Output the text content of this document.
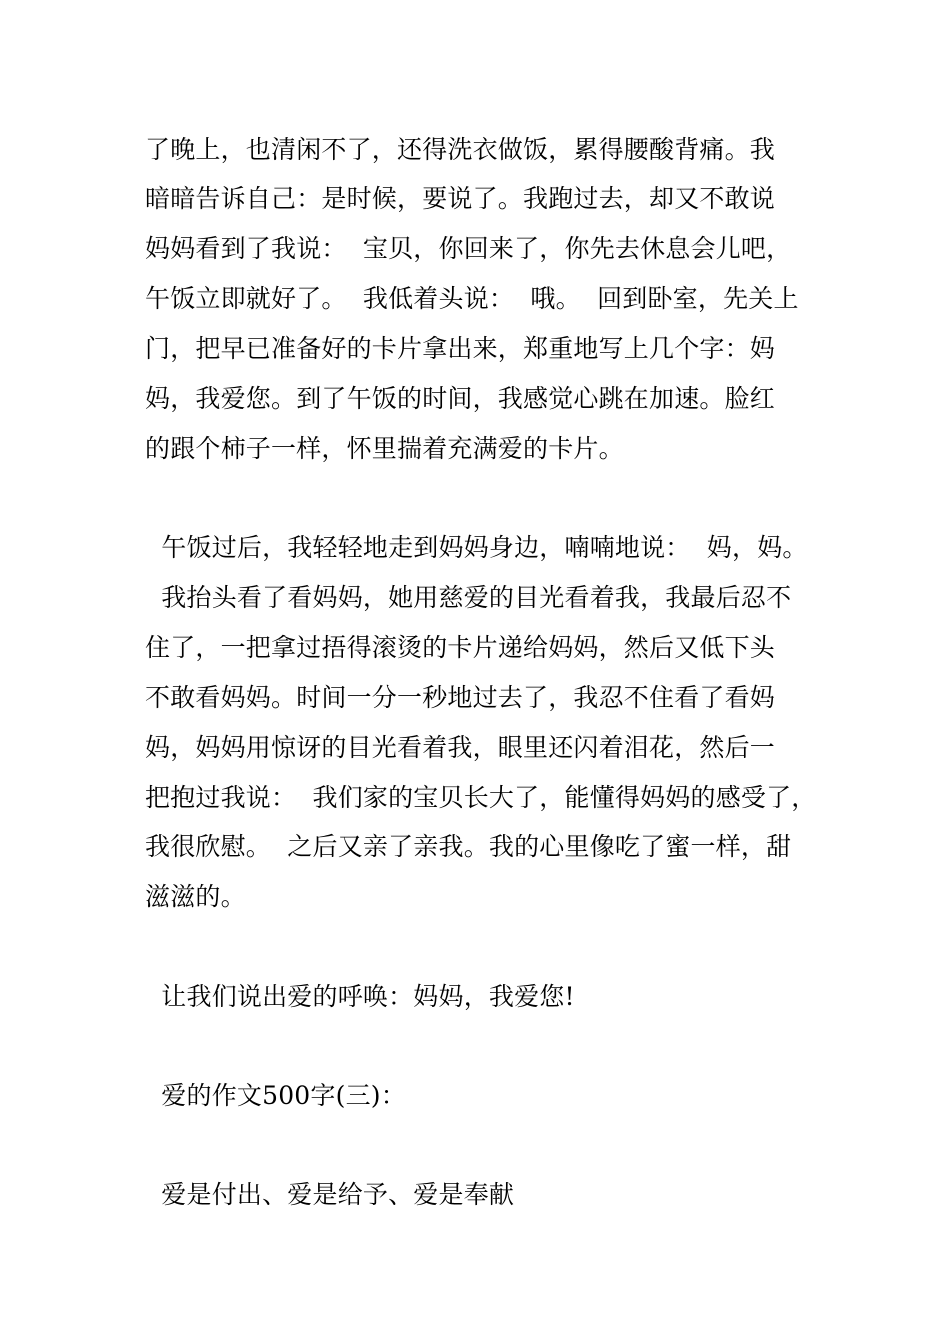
了晚上，也清闲不了，还得洗衣做饭，累得腰酸背痛。我
暗暗告诉自己：是时候，要说了。我跑过去，却又不敢说
妈妈看到了我说：  宝贝，你回来了，你先去休息会儿吧，
午饭立即就好了。  我低着头说：  哦。  回到卧室，先关上
门，把早已准备好的卡片拿出来，郑重地写上几个字：妈
妈，我爱您。到了午饭的时间，我感觉心跳在加速。脸红
的跟个柿子一样，怀里揣着充满爱的卡片。
午饭过后，我轻轻地走到妈妈身边，喃喃地说：  妈，妈。
我抬头看了看妈妈，她用慈爱的目光看着我，我最后忍不
住了，一把拿过捂得滚烫的卡片递给妈妈，然后又低下头
不敢看妈妈。时间一分一秒地过去了，我忍不住看了看妈
妈，妈妈用惊讶的目光看着我，眼里还闪着泪花，然后一
把抱过我说：  我们家的宝贝长大了，能懂得妈妈的感受了，
我很欣慰。  之后又亲了亲我。我的心里像吃了蜜一样，甜
滋滋的。
让我们说出爱的呼唤：妈妈，我爱您!
爱的作文500字(三)：
爱是付出、爱是给予、爱是奉献
